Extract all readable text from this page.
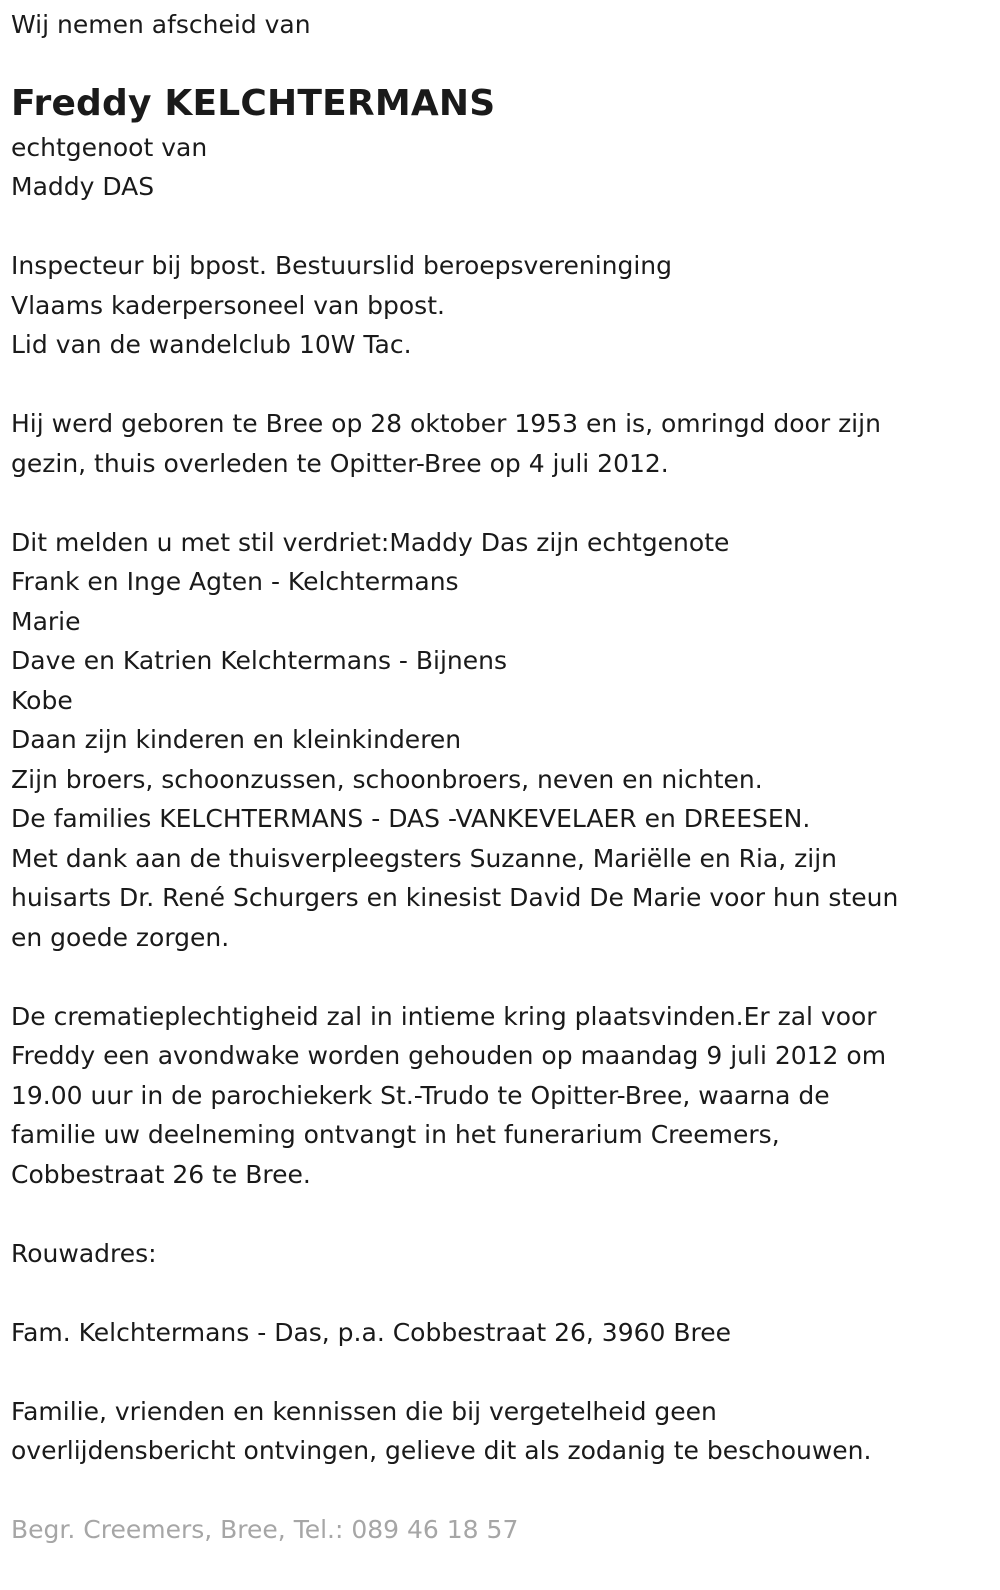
Wij nemen afscheid van

Freddy KELCHTERMANS

echtgenoot van

Maddy DAS

Inspecteur bij bpost. Bestuurslid beroepsvereninging

Vlaams kaderpersoneel van bpost.

Lid van de wandelclub 10W Tac.

Hij werd geboren te Bree op 28 oktober 1953 en is, omringd door zijn

gezin, thuis overleden te Opitter-Bree op 4 juli 2012.

Dit melden u met stil verdriet:Maddy Das zijn echtgenote

Frank en Inge Agten - Kelchtermans

Marie

Dave en Katrien Kelchtermans - Bijnens

Kobe

Daan zijn kinderen en kleinkinderen

Zijn broers, schoonzussen, schoonbroers, neven en nichten.

De families KELCHTERMANS - DAS -VANKEVELAER en DREESEN.

Met dank aan de thuisverpleegsters Suzanne, Mariëlle en Ria, zijn

huisarts Dr. René Schurgers en kinesist David De Marie voor hun steun

en goede zorgen.

De crematieplechtigheid zal in intieme kring plaatsvinden.Er zal voor

Freddy een avondwake worden gehouden op maandag 9 juli 2012 om

19.00 uur in de parochiekerk St.-Trudo te Opitter-Bree, waarna de

familie uw deelneming ontvangt in het funerarium Creemers,

Cobbestraat 26 te Bree.

Rouwadres:

Fam. Kelchtermans - Das, p.a. Cobbestraat 26, 3960 Bree

Familie, vrienden en kennissen die bij vergetelheid geen

overlijdensbericht ontvingen, gelieve dit als zodanig te beschouwen.

Begr. Creemers, Bree, Tel.: 089 46 18 57
